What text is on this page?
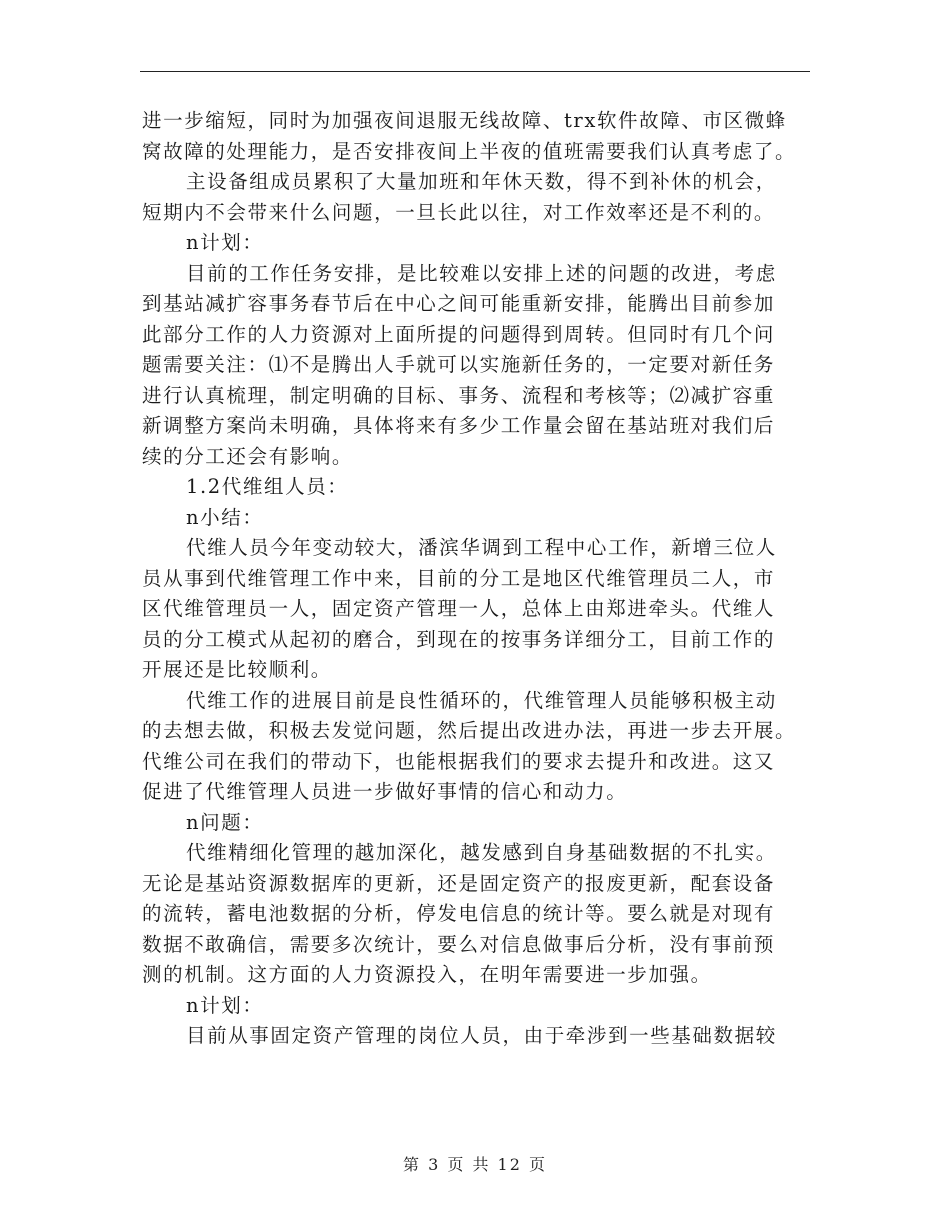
进一步缩短，同时为加强夜间退服无线故障、trx软件故障、市区微蜂
窝故障的处理能力，是否安排夜间上半夜的值班需要我们认真考虑了。
主设备组成员累积了大量加班和年休天数，得不到补休的机会，
短期内不会带来什么问题，一旦长此以往，对工作效率还是不利的。
n计划：
目前的工作任务安排，是比较难以安排上述的问题的改进，考虑
到基站减扩容事务春节后在中心之间可能重新安排，能腾出目前参加
此部分工作的人力资源对上面所提的问题得到周转。但同时有几个问
题需要关注：⑴不是腾出人手就可以实施新任务的，一定要对新任务
进行认真梳理，制定明确的目标、事务、流程和考核等；⑵减扩容重
新调整方案尚未明确，具体将来有多少工作量会留在基站班对我们后
续的分工还会有影响。
1.2代维组人员：
n小结：
代维人员今年变动较大，潘滨华调到工程中心工作，新增三位人
员从事到代维管理工作中来，目前的分工是地区代维管理员二人，市
区代维管理员一人，固定资产管理一人，总体上由郑进牵头。代维人
员的分工模式从起初的磨合，到现在的按事务详细分工，目前工作的
开展还是比较顺利。
代维工作的进展目前是良性循环的，代维管理人员能够积极主动
的去想去做，积极去发觉问题，然后提出改进办法，再进一步去开展。
代维公司在我们的带动下，也能根据我们的要求去提升和改进。这又
促进了代维管理人员进一步做好事情的信心和动力。
n问题：
代维精细化管理的越加深化，越发感到自身基础数据的不扎实。
无论是基站资源数据库的更新，还是固定资产的报废更新，配套设备
的流转，蓄电池数据的分析，停发电信息的统计等。要么就是对现有
数据不敢确信，需要多次统计，要么对信息做事后分析，没有事前预
测的机制。这方面的人力资源投入，在明年需要进一步加强。
n计划：
目前从事固定资产管理的岗位人员，由于牵涉到一些基础数据较
第 3 页 共 12 页
